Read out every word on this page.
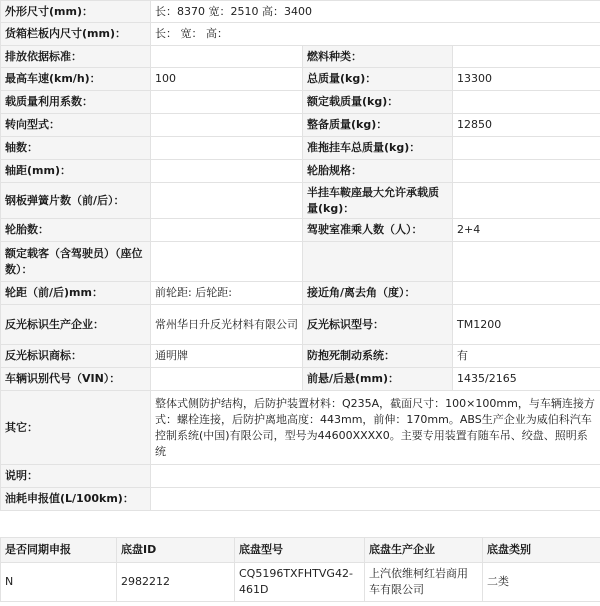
外形尺寸(mm)：	长：8370 宽：2510 高：3400		
货箱栏板内尺寸(mm)：	长： 宽： 高：		
排放依据标准：		燃料种类：	
最高车速(km/h)：	100	总质量(kg)：	13300
载质量利用系数：		额定载质量(kg)：	
转向型式：		整备质量(kg)：	12850
轴数：		准拖挂车总质量(kg)：	
轴距(mm)：		轮胎规格：	
钢板弹簧片数（前/后）：		半挂车鞍座最大允许承载质量(kg)：	
轮胎数：		驾驶室准乘人数（人）：	2+4
额定载客（含驾驶员）（座位数）：			
轮距（前/后)mm：	前轮距: 后轮距:	接近角/离去角（度）：	
反光标识生产企业：	常州华日升反光材料有限公司	反光标识型号：	TM1200
反光标识商标：	通明牌	防抱死制动系统：	有
车辆识别代号（VIN）：		前悬/后悬(mm)：	1435/2165
其它：	整体式侧防护结构，后防护装置材料：Q235A，截面尺寸：100×100mm，与车辆连接方式：螺栓连接，后防护离地高度：443mm，前伸：170mm。ABS生产企业为威伯科汽车控制系统(中国)有限公司，型号为44600XXXX0。主要专用装置有随车吊、绞盘、照明系统		
说明：			
油耗申报值(L/100km)：			
是否同期申报	底盘ID	底盘型号	底盘生产企业	底盘类别
N	2982212	CQ5196TXFHTVG42-461D	上汽依维柯红岩商用车有限公司	二类
